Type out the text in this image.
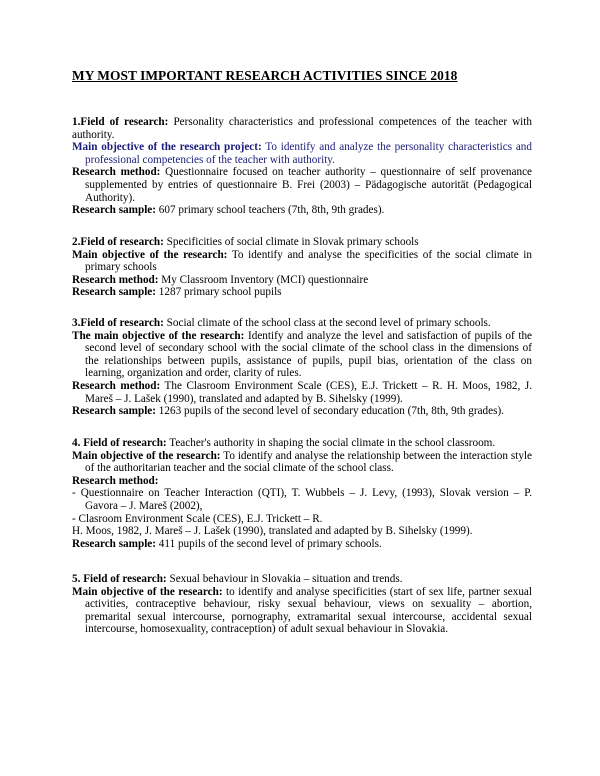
MY MOST IMPORTANT RESEARCH ACTIVITIES SINCE 2018

1.Field of research: Personality characteristics and professional competences of the teacher with authority.

Main objective of the research project: To identify and analyze the personality characteristics and professional competencies of the teacher with authority.

Research method: Questionnaire focused on teacher authority – questionnaire of self provenance supplemented by entries of questionnaire B. Frei (2003) – Pädagogische autorität (Pedagogical Authority).

Research sample: 607 primary school teachers (7th, 8th, 9th grades).

2.Field of research: Specificities of social climate in Slovak primary schools

Main objective of the research: To identify and analyse the specificities of the social climate in primary schools

Research method: My Classroom Inventory (MCI) questionnaire

Research sample: 1287 primary school pupils

3.Field of research: Social climate of the school class at the second level of primary schools.

The main objective of the research: Identify and analyze the level and satisfaction of pupils of the second level of secondary school with the social climate of the school class in the dimensions of the relationships between pupils, assistance of pupils, pupil bias, orientation of the class on learning, organization and order, clarity of rules.

Research method: The Clasroom Environment Scale (CES), E.J. Trickett – R. H. Moos, 1982, J. Mareš – J. Lašek (1990), translated and adapted by B. Sihelsky (1999).

Research sample: 1263 pupils of the second level of secondary education (7th, 8th, 9th grades).

4. Field of research: Teacher's authority in shaping the social climate in the school classroom.

Main objective of the research: To identify and analyse the relationship between the interaction style of the authoritarian teacher and the social climate of the school class.

Research method:

- Questionnaire on Teacher Interaction (QTI), T. Wubbels – J. Levy, (1993), Slovak version – P. Gavora – J. Mareš (2002),

- Clasroom Environment Scale (CES), E.J. Trickett – R.

H. Moos, 1982, J. Mareš – J. Lašek (1990), translated and adapted by B. Sihelsky (1999).

Research sample: 411 pupils of the second level of primary schools.

5. Field of research: Sexual behaviour in Slovakia – situation and trends.

Main objective of the research: to identify and analyse specificities (start of sex life, partner sexual activities, contraceptive behaviour, risky sexual behaviour, views on sexuality – abortion, premarital sexual intercourse, pornography, extramarital sexual intercourse, accidental sexual intercourse, homosexuality, contraception) of adult sexual behaviour in Slovakia.
